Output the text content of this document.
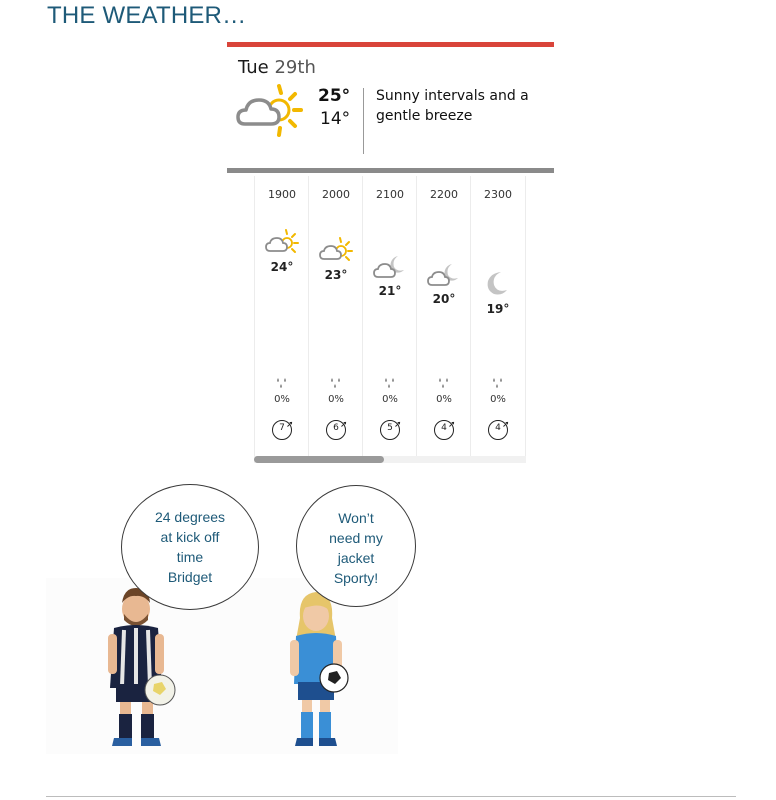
THE WEATHER…
Tue 29th
25°
14°
Sunny intervals and a gentle breeze
1900
24°
0%
7 ➚
2000
23°
0%
6 ➚
2100
21°
0%
5 ➚
2200
20°
0%
4 ➚
2300
19°
0%
4 ➚
24 degrees
at kick off
time
Bridget
Won’t
need my
jacket
Sporty!
